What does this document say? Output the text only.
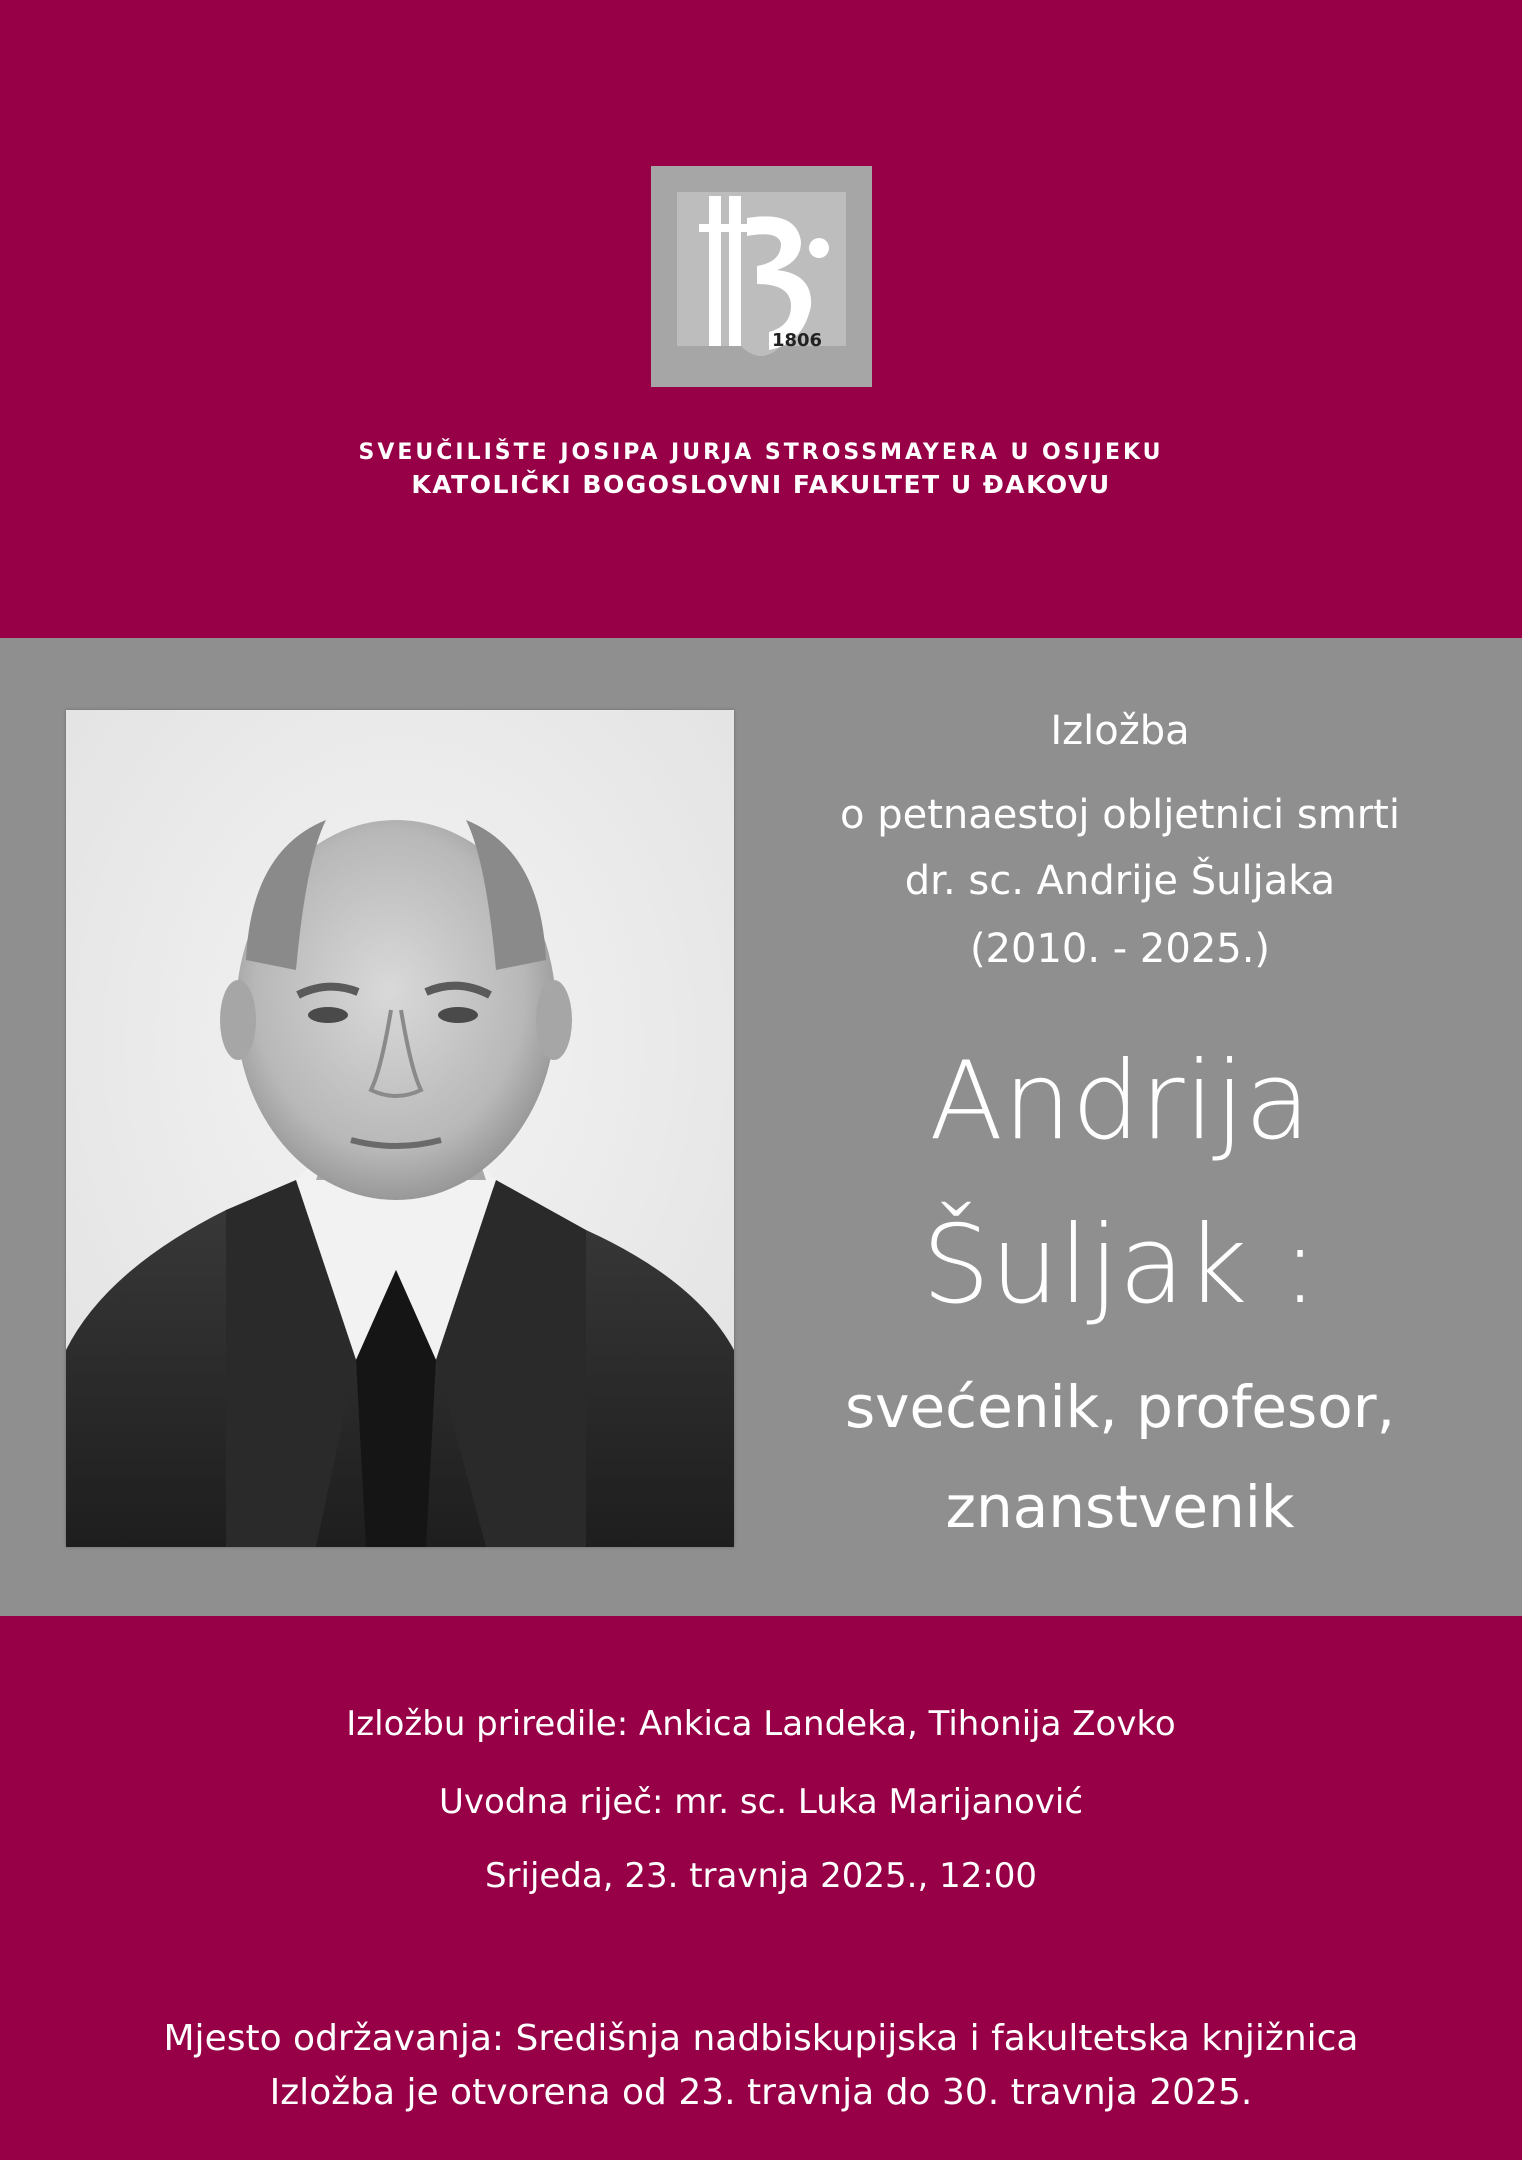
1806
SVEUČILIŠTE JOSIPA JURJA STROSSMAYERA U OSIJEKU
KATOLIČKI BOGOSLOVNI FAKULTET U ĐAKOVU
Izložba
o petnaestoj obljetnici smrti
dr. sc. Andrije Šuljaka
(2010. - 2025.)
Andrija
Šuljak :
svećenik, profesor,
znanstvenik
Izložbu priredile: Ankica Landeka, Tihonija Zovko
Uvodna riječ: mr. sc. Luka Marijanović
Srijeda, 23. travnja 2025., 12:00
Mjesto održavanja: Središnja nadbiskupijska i fakultetska knjižnica
Izložba je otvorena od 23. travnja do 30. travnja 2025.
